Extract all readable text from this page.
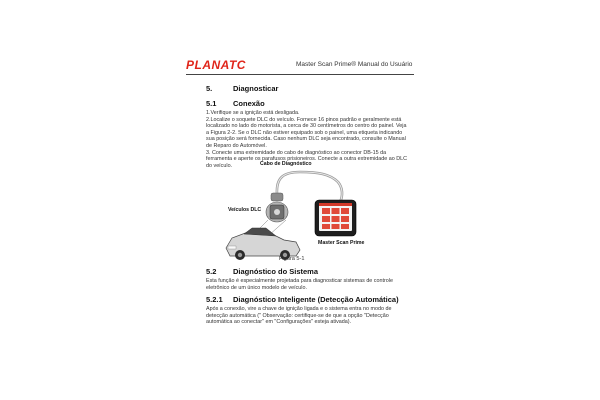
PLANATC	Master Scan Prime® Manual do Usuário
5.	Diagnosticar
5.1 Conexão

1.Verifique se a ignição está desligada.

2.Localize o soquete DLC do veículo. Fornece 16 pinos padrão e geralmente está localizado no lado do motorista, a cerca de 30 centímetros do centro do painel. Veja a Figura 2-2. Se o DLC não estiver equipado sob o painel, uma etiqueta indicando sua posição será fornecida. Caso nenhum DLC seja encontrado, consulte o Manual de Reparo do Automóvel.

3. Conecte uma extremidade do cabo de diagnóstico ao conector DB-15 da ferramenta e aperte os parafusos prisioneiros. Conecte a outra extremidade ao DLC do veículo.	Cabo de Diagnóstico
Veículos DLC
Master Scan Prime
Figura 5-1
5.2 Diagnóstico do Sistema
Esta função é especialmente projetada para diagnosticar sistemas de controle eletrônico de um único modelo de veículo.
5.2.1 Diagnóstico Inteligente (Detecção Automática)
Após a conexão, vire a chave de ignição ligada e o sistema entra no modo de detecção automática (" Observação: certifique-se de que a opção "Detecção automática ao conectar" em "Configurações" esteja ativada).
